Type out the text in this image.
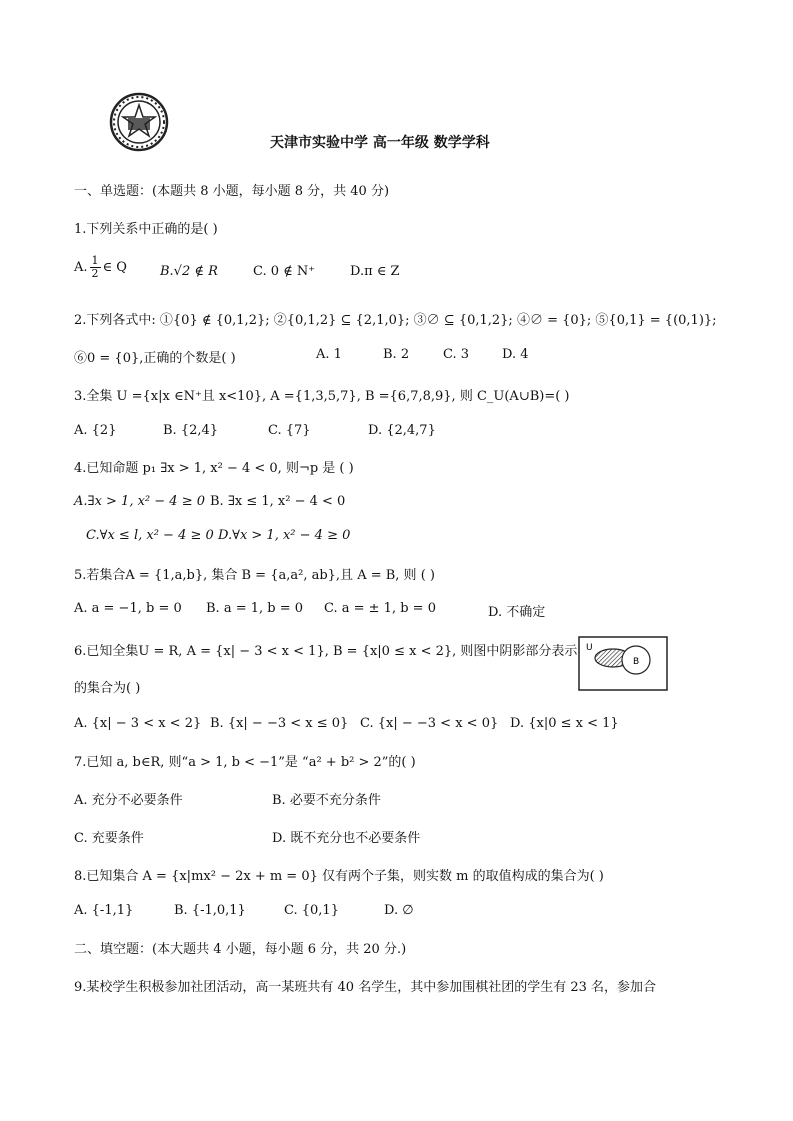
天津市实验中学 高一年级 数学学科
一、单选题：(本题共 8 小题，每小题 8 分，共 40 分)
1.下列关系中正确的是( )
A. $\frac{1}{2}$ ∈ Q	B.√2 ∉ R	C. 0 ∉ N⁺	D.π ∈ Z
2.下列各式中: ①{0} ∉ {0,1,2}; ②{0,1,2} ⊆ {2,1,0}; ③∅ ⊆ {0,1,2}; ④∅ = {0}; ⑤{0,1} = {(0,1)};
⑥0 = {0},正确的个数是( )	A. 1	B. 2	C. 3	D. 4
3.全集 U ={x|x ∈N⁺且 x<10}, A ={1,3,5,7}, B ={6,7,8,9}, 则 C_U(A∪B)=( )
A. {2}	B. {2,4}	C. {7}	D. {2,4,7}
4.已知命题 p₁ ∃x > 1, x² − 4 < 0, 则¬p 是 ( )
A.∃x > 1, x² − 4 ≥ 0 B. ∃x ≤ 1, x² − 4 < 0
C.∀x ≤ l, x² − 4 ≥ 0 D.∀x > 1, x² − 4 ≥ 0
5.若集合A = {1,a,b}, 集合 B = {a,a², ab},且 A = B, 则 ( )
A. a = −1, b = 0 B. a = 1, b = 0 C. a = ± 1, b = 0	D. 不确定
6.已知全集U = R, A = {x| − 3 < x < 1}, B = {x|0 ≤ x < 2}, 则图中阴影部分表示
的集合为( )
U
B
A. {x| − 3 < x < 2} B. {x| − −3 < x ≤ 0} C. {x| − −3 < x < 0} D. {x|0 ≤ x < 1}
7.已知 a, b∈R, 则“a > 1, b < −1”是 “a² + b² > 2”的( )
A. 充分不必要条件	B. 必要不充分条件
C. 充要条件	D. 既不充分也不必要条件
8.已知集合 A = {x|mx² − 2x + m = 0} 仅有两个子集，则实数 m 的取值构成的集合为( )
A. {-1,1}	B. {-1,0,1}	C. {0,1}	D. ∅
二、填空题：(本大题共 4 小题，每小题 6 分，共 20 分.)
9.某校学生积极参加社团活动，高一某班共有 40 名学生，其中参加围棋社团的学生有 23 名，参加合
